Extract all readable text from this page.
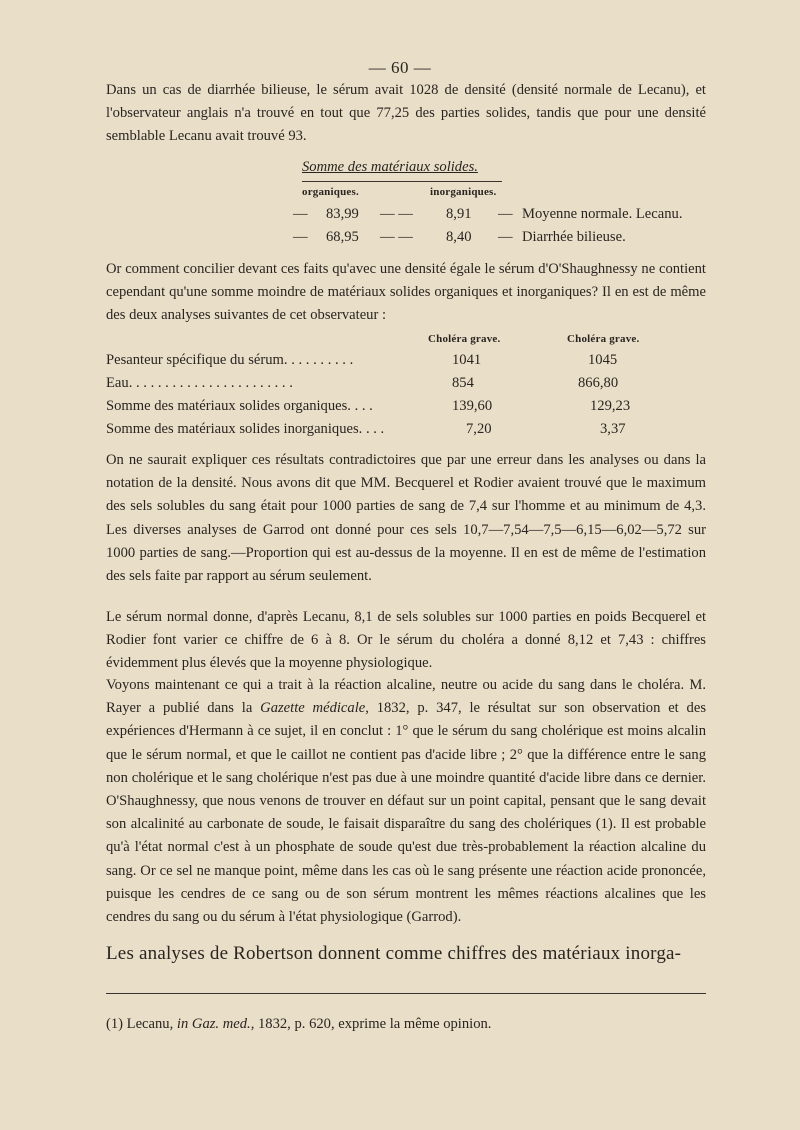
— 60 —

Dans un cas de diarrhée bilieuse, le sérum avait 1028 de densité (densité normale de Lecanu), et l'observateur anglais n'a trouvé en tout que 77,25 des parties solides, tandis que pour une densité semblable Lecanu avait trouvé 93.

Somme des matériaux solides.
organiques.	inorganiques.
— 83,99 — — 8,91 — Moyenne normale. Lecanu.
— 68,95 — — 8,40 — Diarrhée bilieuse.

Or comment concilier devant ces faits qu'avec une densité égale le sérum d'O'Shaughnessy ne contient cependant qu'une somme moindre de matériaux solides organiques et inorganiques? Il en est de même des deux analyses suivantes de cet observateur :

Choléra grave.	Choléra grave.
Pesanteur spécifique du sérum. . . . . . . . . .	1041	1045
Eau. . . . . . . . . . . . . . . . . . . . . . .	854	866,80
Somme des matériaux solides organiques. . . .	139,60	129,23
Somme des matériaux solides inorganiques. . . .	7,20	3,37

On ne saurait expliquer ces résultats contradictoires que par une erreur dans les analyses ou dans la notation de la densité. Nous avons dit que MM. Becquerel et Rodier avaient trouvé que le maximum des sels solubles du sang était pour 1000 parties de sang de 7,4 sur l'homme et au minimum de 4,3. Les diverses analyses de Garrod ont donné pour ces sels 10,7—7,54—7,5—6,15—6,02—5,72 sur 1000 parties de sang.—Proportion qui est au-dessus de la moyenne. Il en est de même de l'estimation des sels faite par rapport au sérum seulement.

Le sérum normal donne, d'après Lecanu, 8,1 de sels solubles sur 1000 parties en poids Becquerel et Rodier font varier ce chiffre de 6 à 8. Or le sérum du choléra a donné 8,12 et 7,43 : chiffres évidemment plus élevés que la moyenne physiologique.

Voyons maintenant ce qui a trait à la réaction alcaline, neutre ou acide du sang dans le choléra. M. Rayer a publié dans la Gazette médicale, 1832, p. 347, le résultat sur son observation et des expériences d'Hermann à ce sujet, il en conclut : 1° que le sérum du sang cholérique est moins alcalin que le sérum normal, et que le caillot ne contient pas d'acide libre ; 2° que la différence entre le sang non cholérique et le sang cholérique n'est pas due à une moindre quantité d'acide libre dans ce dernier. O'Shaughnessy, que nous venons de trouver en défaut sur un point capital, pensant que le sang devait son alcalinité au carbonate de soude, le faisait disparaître du sang des cholériques (1). Il est probable qu'à l'état normal c'est à un phosphate de soude qu'est due très-probablement la réaction alcaline du sang. Or ce sel ne manque point, même dans les cas où le sang présente une réaction acide prononcée, puisque les cendres de ce sang ou de son sérum montrent les mêmes réactions alcalines que les cendres du sang ou du sérum à l'état physiologique (Garrod).

Les analyses de Robertson donnent comme chiffres des matériaux inorga-
(1) Lecanu, in Gaz. med., 1832, p. 620, exprime la même opinion.
